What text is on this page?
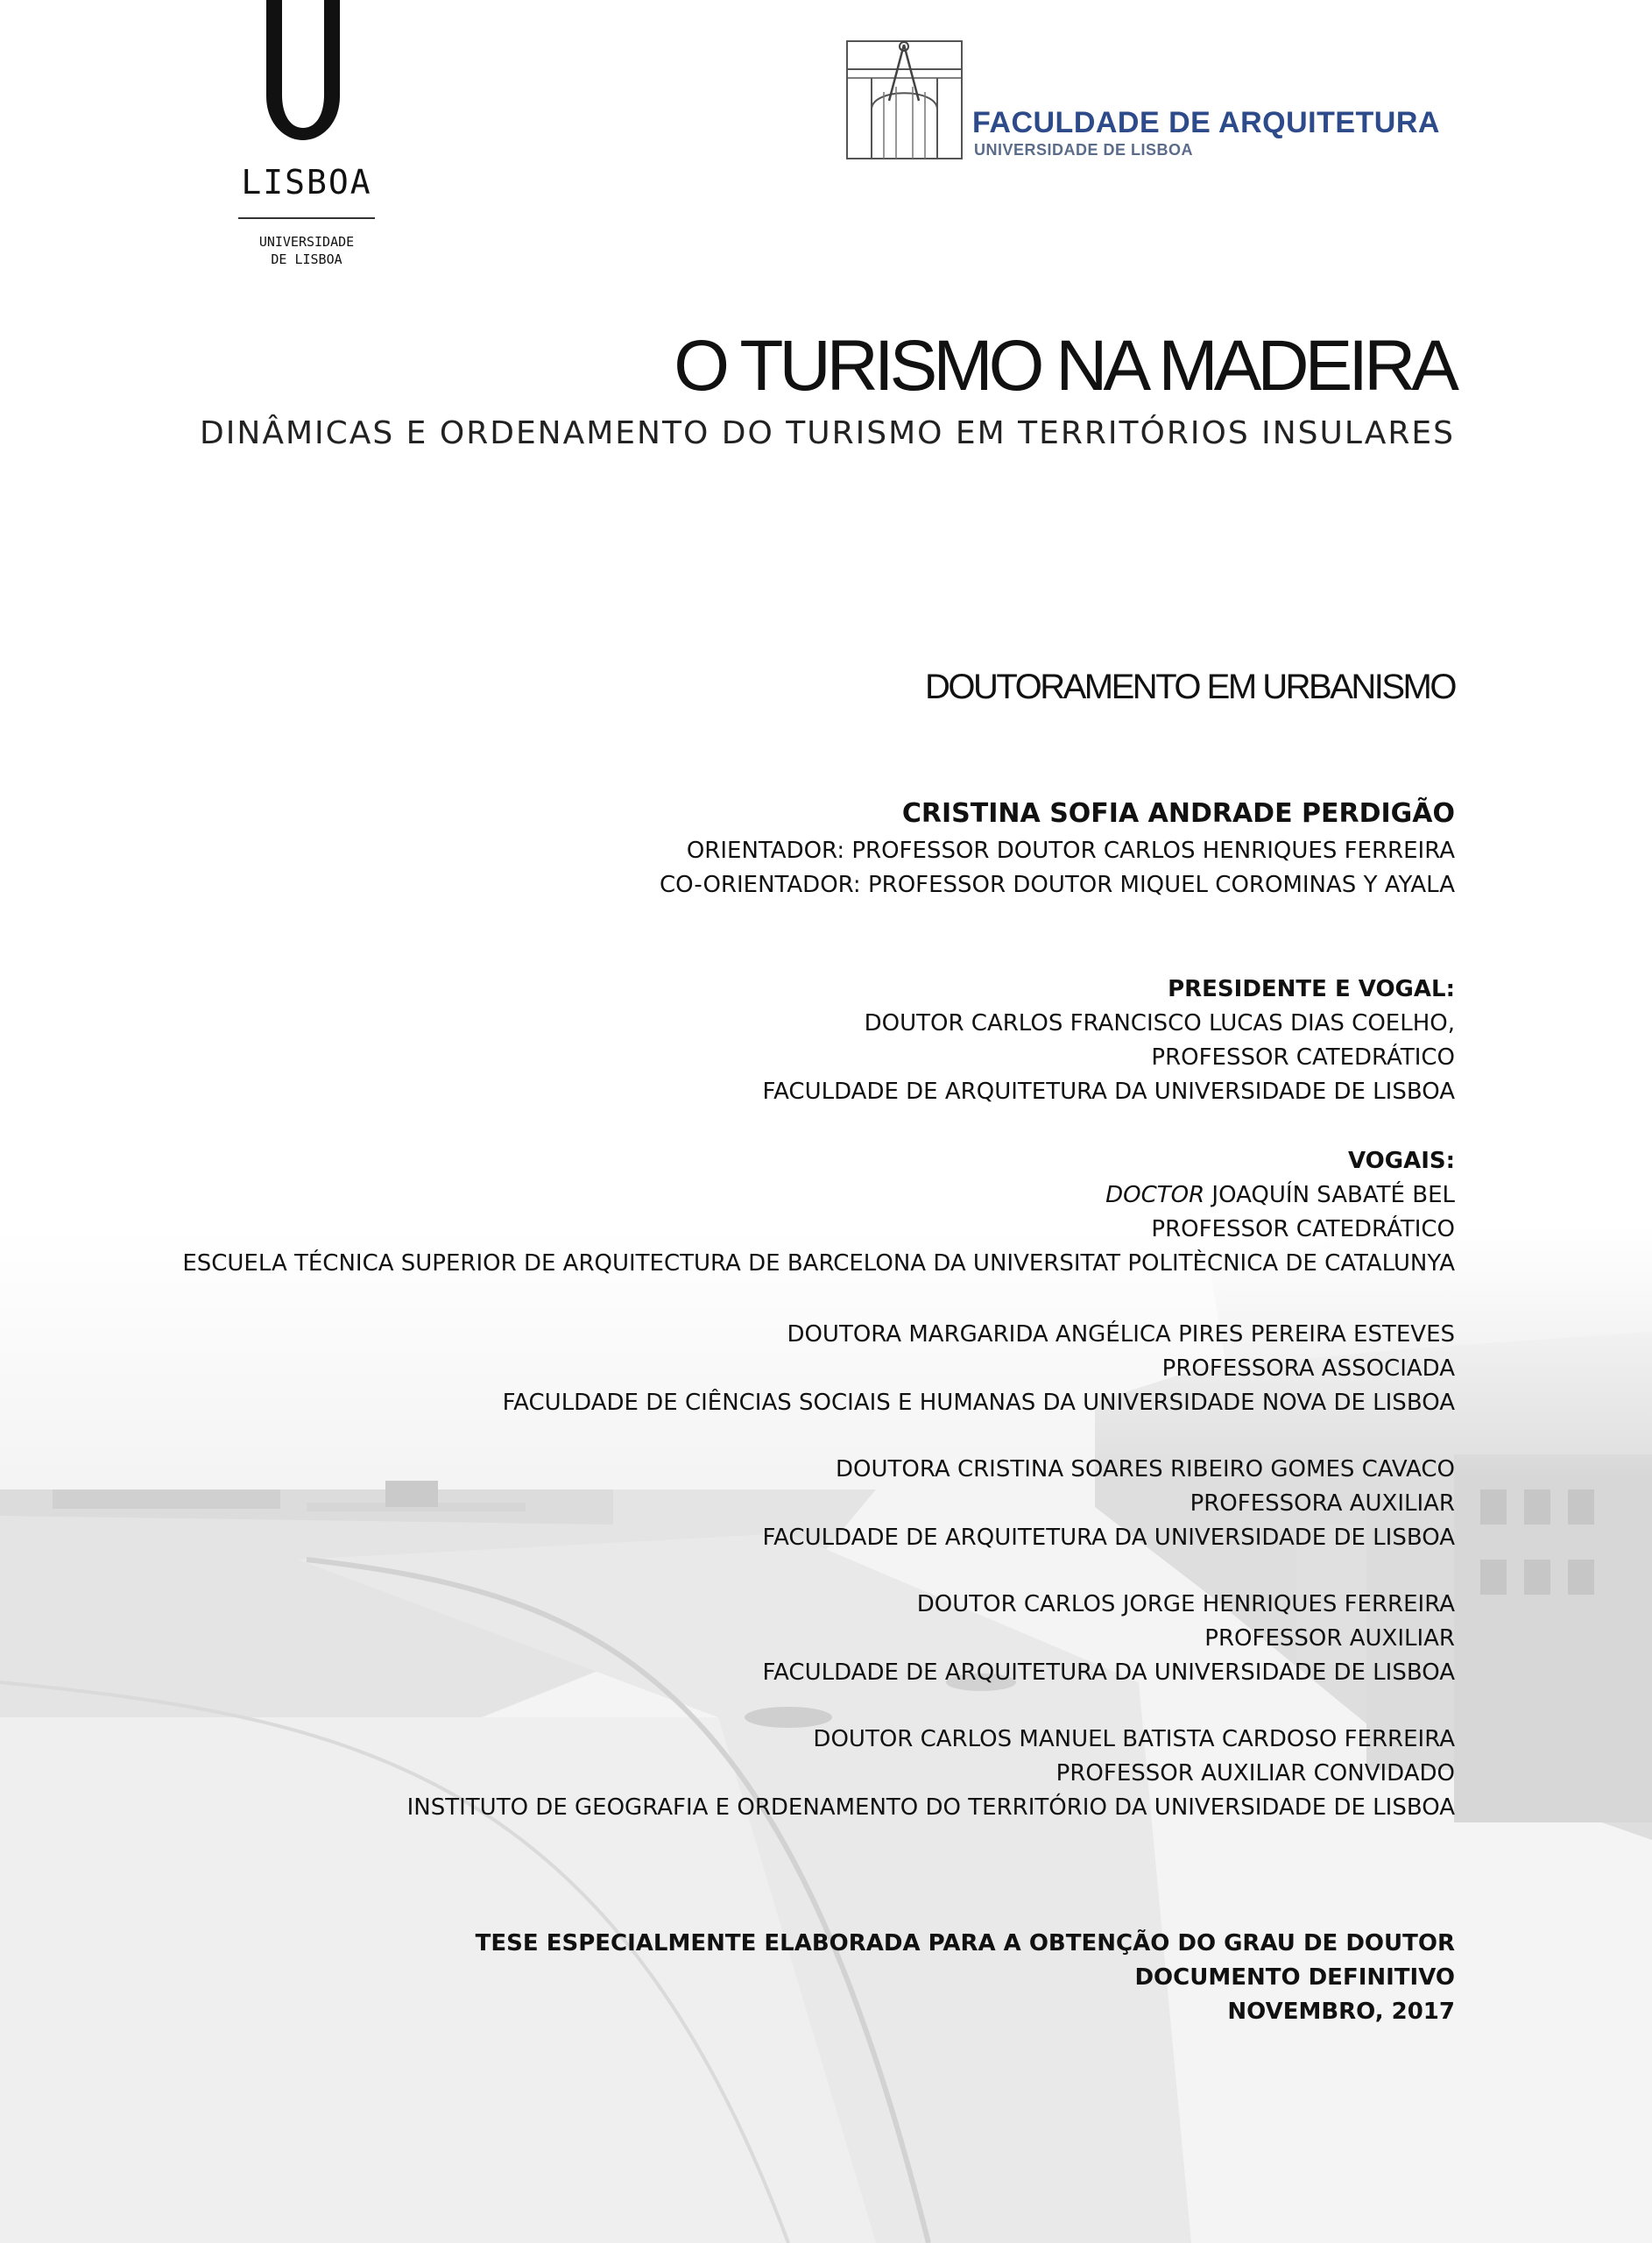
LISBOA
UNIVERSIDADE
DE LISBOA
FACULDADE DE ARQUITETURA
UNIVERSIDADE DE LISBOA
O TURISMO NA MADEIRA
DINÂMICAS E ORDENAMENTO DO TURISMO EM TERRITÓRIOS INSULARES
DOUTORAMENTO EM URBANISMO
CRISTINA SOFIA ANDRADE PERDIGÃO
ORIENTADOR: PROFESSOR DOUTOR CARLOS HENRIQUES FERREIRA
CO-ORIENTADOR: PROFESSOR DOUTOR MIQUEL COROMINAS Y AYALA
PRESIDENTE E VOGAL:
DOUTOR CARLOS FRANCISCO LUCAS DIAS COELHO,
PROFESSOR CATEDRÁTICO
FACULDADE DE ARQUITETURA DA UNIVERSIDADE DE LISBOA
VOGAIS:
DOCTOR JOAQUÍN SABATÉ BEL
PROFESSOR CATEDRÁTICO
ESCUELA TÉCNICA SUPERIOR DE ARQUITECTURA DE BARCELONA DA UNIVERSITAT POLITÈCNICA DE CATALUNYA
DOUTORA MARGARIDA ANGÉLICA PIRES PEREIRA ESTEVES
PROFESSORA ASSOCIADA
FACULDADE DE CIÊNCIAS SOCIAIS E HUMANAS DA UNIVERSIDADE NOVA DE LISBOA
DOUTORA CRISTINA SOARES RIBEIRO GOMES CAVACO
PROFESSORA AUXILIAR
FACULDADE DE ARQUITETURA DA UNIVERSIDADE DE LISBOA
DOUTOR CARLOS JORGE HENRIQUES FERREIRA
PROFESSOR AUXILIAR
FACULDADE DE ARQUITETURA DA UNIVERSIDADE DE LISBOA
DOUTOR CARLOS MANUEL BATISTA CARDOSO FERREIRA
PROFESSOR AUXILIAR CONVIDADO
INSTITUTO DE GEOGRAFIA E ORDENAMENTO DO TERRITÓRIO DA UNIVERSIDADE DE LISBOA
TESE ESPECIALMENTE ELABORADA PARA A OBTENÇÃO DO GRAU DE DOUTOR
DOCUMENTO DEFINITIVO
NOVEMBRO, 2017
